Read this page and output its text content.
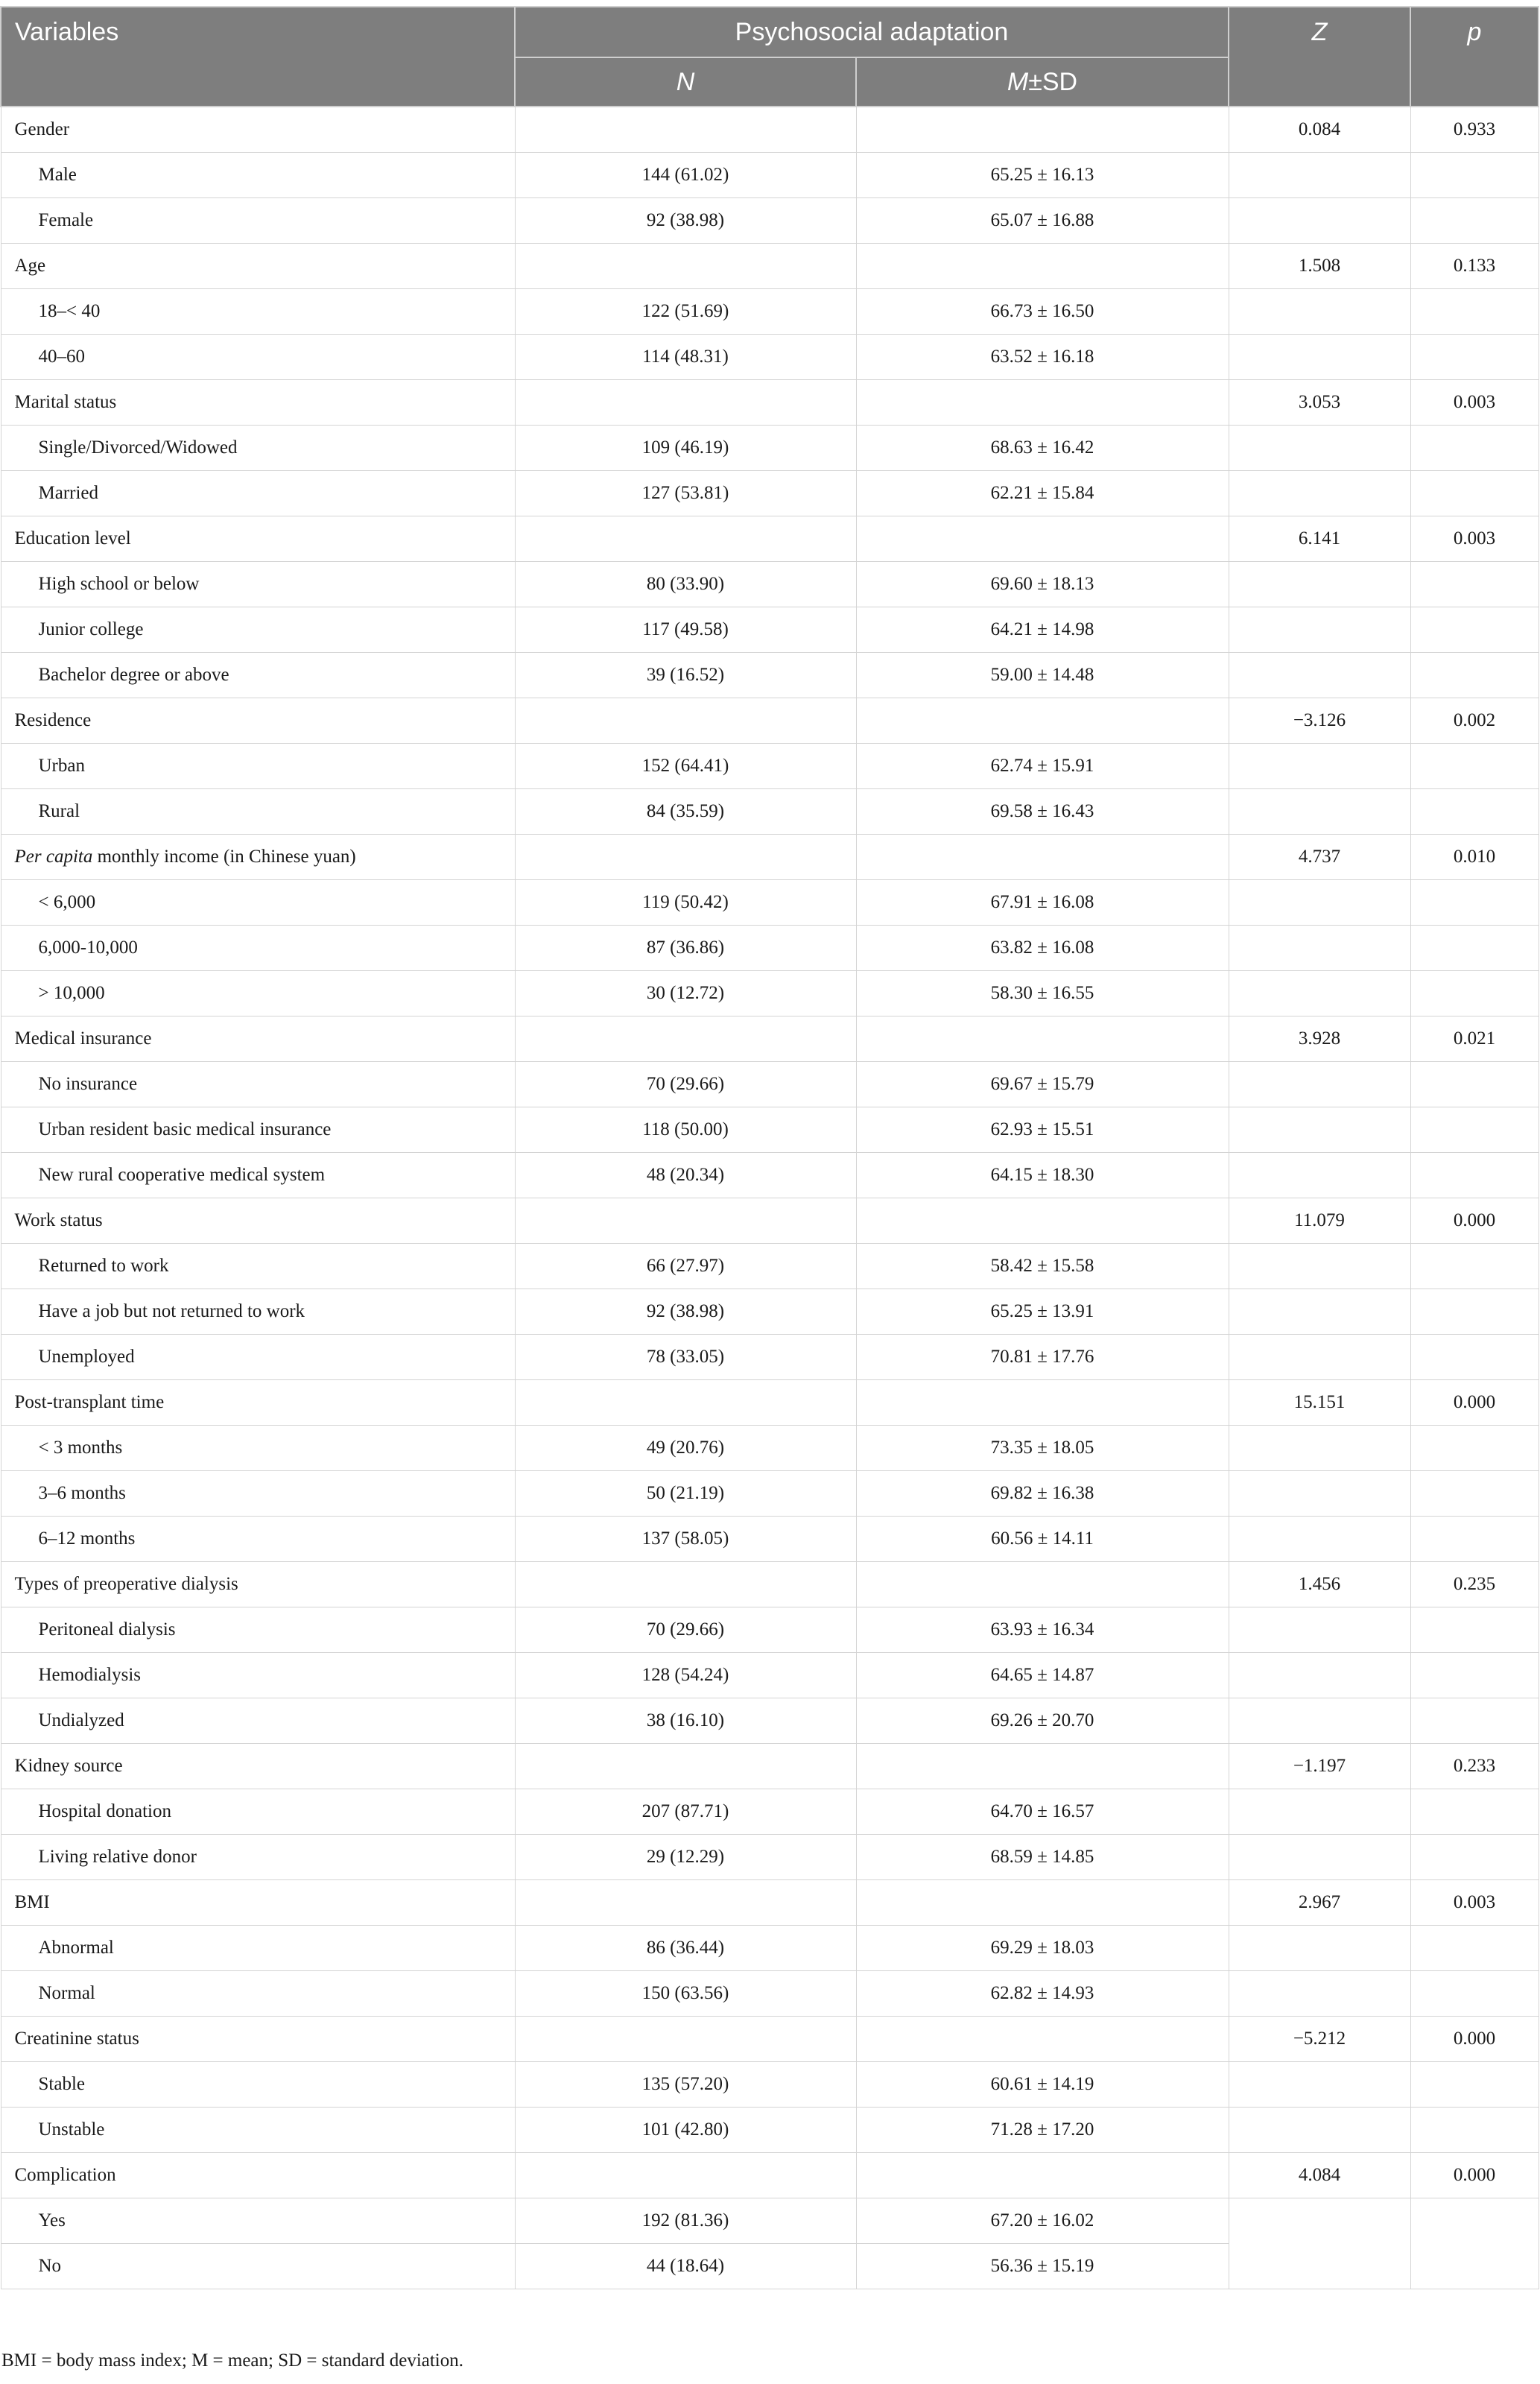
Variables	Psychosocial adaptation		Z	p
	N	M±SD		
Gender			0.084	0.933
Male	144 (61.02)	65.25 ± 16.13		
Female	92 (38.98)	65.07 ± 16.88		
Age			1.508	0.133
18–< 40	122 (51.69)	66.73 ± 16.50		
40–60	114 (48.31)	63.52 ± 16.18		
Marital status			3.053	0.003
Single/Divorced/Widowed	109 (46.19)	68.63 ± 16.42		
Married	127 (53.81)	62.21 ± 15.84		
Education level			6.141	0.003
High school or below	80 (33.90)	69.60 ± 18.13		
Junior college	117 (49.58)	64.21 ± 14.98		
Bachelor degree or above	39 (16.52)	59.00 ± 14.48		
Residence			−3.126	0.002
Urban	152 (64.41)	62.74 ± 15.91		
Rural	84 (35.59)	69.58 ± 16.43		
Per capita monthly income (in Chinese yuan)			4.737	0.010
< 6,000	119 (50.42)	67.91 ± 16.08		
6,000-10,000	87 (36.86)	63.82 ± 16.08		
> 10,000	30 (12.72)	58.30 ± 16.55		
Medical insurance			3.928	0.021
No insurance	70 (29.66)	69.67 ± 15.79		
Urban resident basic medical insurance	118 (50.00)	62.93 ± 15.51		
New rural cooperative medical system	48 (20.34)	64.15 ± 18.30		
Work status			11.079	0.000
Returned to work	66 (27.97)	58.42 ± 15.58		
Have a job but not returned to work	92 (38.98)	65.25 ± 13.91		
Unemployed	78 (33.05)	70.81 ± 17.76		
Post-transplant time			15.151	0.000
< 3 months	49 (20.76)	73.35 ± 18.05		
3–6 months	50 (21.19)	69.82 ± 16.38		
6–12 months	137 (58.05)	60.56 ± 14.11		
Types of preoperative dialysis			1.456	0.235
Peritoneal dialysis	70 (29.66)	63.93 ± 16.34		
Hemodialysis	128 (54.24)	64.65 ± 14.87		
Undialyzed	38 (16.10)	69.26 ± 20.70		
Kidney source			−1.197	0.233
Hospital donation	207 (87.71)	64.70 ± 16.57		
Living relative donor	29 (12.29)	68.59 ± 14.85		
BMI			2.967	0.003
Abnormal	86 (36.44)	69.29 ± 18.03		
Normal	150 (63.56)	62.82 ± 14.93		
Creatinine status			−5.212	0.000
Stable	135 (57.20)	60.61 ± 14.19		
Unstable	101 (42.80)	71.28 ± 17.20		
Complication			4.084	0.000
Yes	192 (81.36)	67.20 ± 16.02		
No	44 (18.64)	56.36 ± 15.19		
BMI = body mass index; M = mean; SD = standard deviation.
